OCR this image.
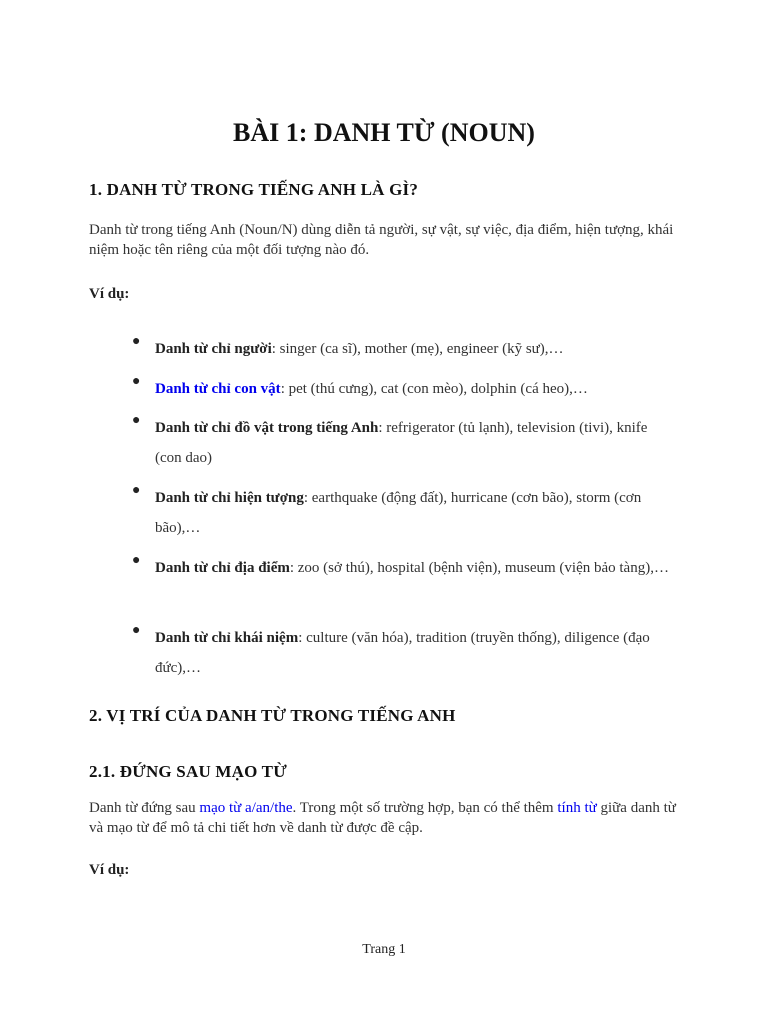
BÀI 1: DANH TỪ (NOUN)
1. DANH TỪ TRONG TIẾNG ANH LÀ GÌ?

Danh từ trong tiếng Anh (Noun/N) dùng diễn tả người, sự vật, sự việc, địa điểm, hiện tượng, khái niệm hoặc tên riêng của một đối tượng nào đó.

Ví dụ:

● Danh từ chỉ người: singer (ca sĩ), mother (mẹ), engineer (kỹ sư),…
● Danh từ chỉ con vật: pet (thú cưng), cat (con mèo), dolphin (cá heo),…
● Danh từ chỉ đồ vật trong tiếng Anh: refrigerator (tủ lạnh), television (tivi), knife (con dao)
● Danh từ chỉ hiện tượng: earthquake (động đất), hurricane (cơn bão), storm (cơn bão),…
● Danh từ chỉ địa điểm: zoo (sở thú), hospital (bệnh viện), museum (viện bảo tàng),…
● Danh từ chỉ khái niệm: culture (văn hóa), tradition (truyền thống), diligence (đạo đức),…
2. VỊ TRÍ CỦA DANH TỪ TRONG TIẾNG ANH
2.1. ĐỨNG SAU MẠO TỪ

Danh từ đứng sau mạo từ a/an/the. Trong một số trường hợp, bạn có thể thêm tính từ giữa danh từ và mạo từ để mô tả chi tiết hơn về danh từ được đề cập.

Ví dụ:

Trang 1
